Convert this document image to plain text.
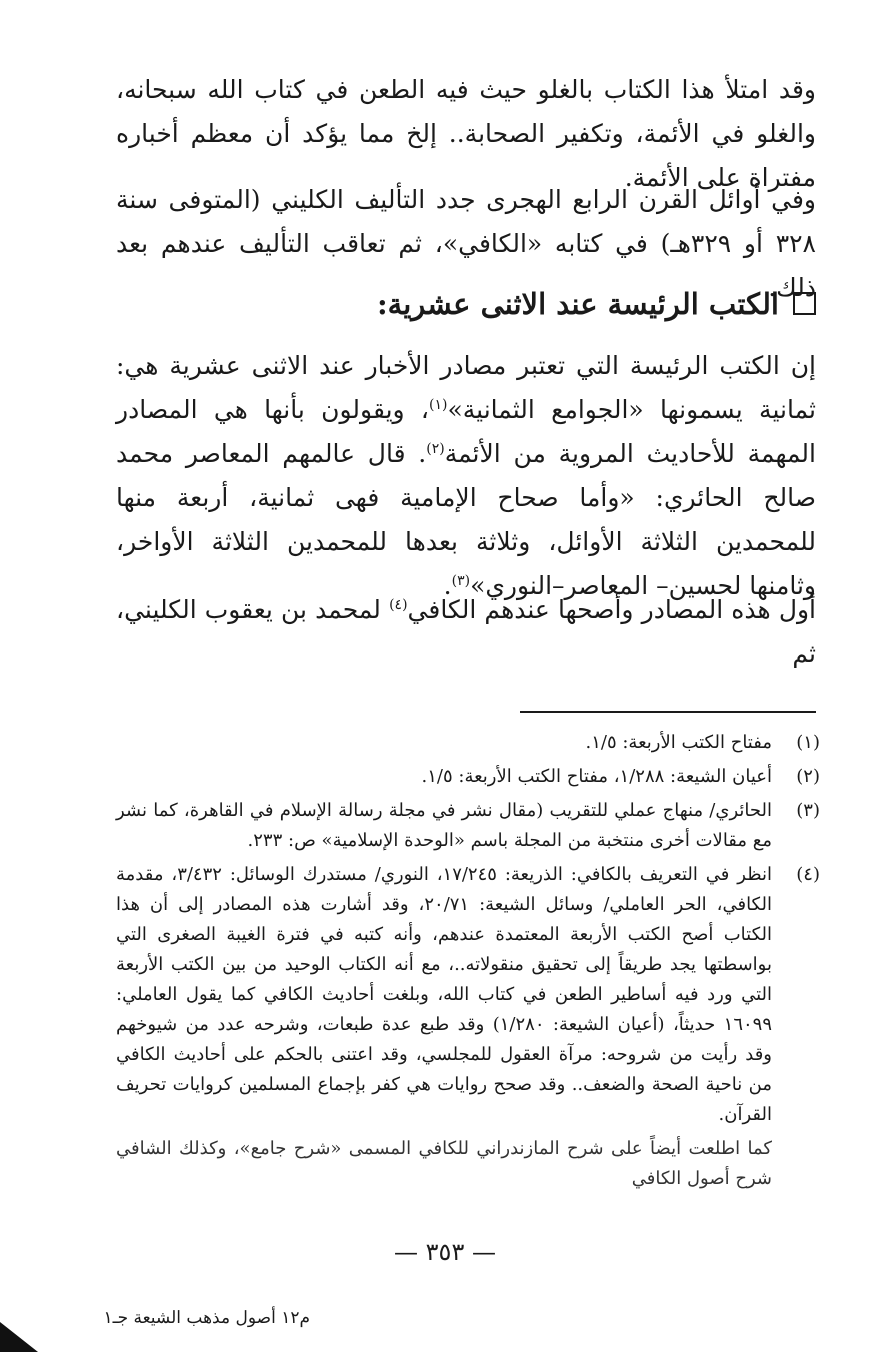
وقد امتلأ هذا الكتاب بالغلو حيث فيه الطعن في كتاب الله سبحانه، والغلو في الأئمة، وتكفير الصحابة.. إلخ مما يؤكد أن معظم أخباره مفتراة على الأئمة.

وفي أوائل القرن الرابع الهجرى جدد التأليف الكليني (المتوفى سنة ٣٢٨ أو ٣٢٩هـ) في كتابه «الكافي»، ثم تعاقب التأليف عندهم بعد ذلك.

الكتب الرئيسة عند الاثنى عشرية:

إن الكتب الرئيسة التي تعتبر مصادر الأخبار عند الاثنى عشرية هي: ثمانية يسمونها «الجوامع الثمانية»$^{(١)}$، ويقولون بأنها هي المصادر المهمة للأحاديث المروية من الأئمة$^{(٢)}$. قال عالمهم المعاصر محمد صالح الحائري: «وأما صحاح الإمامية فهى ثمانية، أربعة منها للمحمدين الثلاثة الأوائل، وثلاثة بعدها للمحمدين الثلاثة الأواخر، وثامنها لحسين– المعاصر–النوري»$^{(٣)}$.

أول هذه المصادر وأصحها عندهم الكافي$^{(٤)}$ لمحمد بن يعقوب الكليني، ثم

(١)
مفتاح الكتب الأربعة: ١/٥.
(٢)
أعيان الشيعة: ١/٢٨٨، مفتاح الكتب الأربعة: ١/٥.
(٣)
الحائري/ منهاج عملي للتقريب (مقال نشر في مجلة رسالة الإسلام في القاهرة، كما نشر مع مقالات أخرى منتخبة من المجلة باسم «الوحدة الإسلامية» ص: ٢٣٣.
(٤)
انظر في التعريف بالكافي: الذريعة: ١٧/٢٤٥، النوري/ مستدرك الوسائل: ٣/٤٣٢، مقدمة الكافي، الحر العاملي/ وسائل الشيعة: ٢٠/٧١، وقد أشارت هذه المصادر إلى أن هذا الكتاب أصح الكتب الأربعة المعتمدة عندهم، وأنه كتبه في فترة الغيبة الصغرى التي بواسطتها يجد طريقاً إلى تحقيق منقولاته..، مع أنه الكتاب الوحيد من بين الكتب الأربعة التي ورد فيه أساطير الطعن في كتاب الله، وبلغت أحاديث الكافي كما يقول العاملي: ١٦٠٩٩ حديثاً، (أعيان الشيعة: ١/٢٨٠) وقد طبع عدة طبعات، وشرحه عدد من شيوخهم وقد رأيت من شروحه: مرآة العقول للمجلسي، وقد اعتنى بالحكم على أحاديث الكافي من ناحية الصحة والضعف.. وقد صحح روايات هي كفر بإجماع المسلمين كروايات تحريف القرآن.
كما اطلعت أيضاً على شرح المازندراني للكافي المسمى «شرح جامع»، وكذلك الشافي شرح أصول الكافي
— ٣٥٣ —
م١٢ أصول مذهب الشيعة جـ١
